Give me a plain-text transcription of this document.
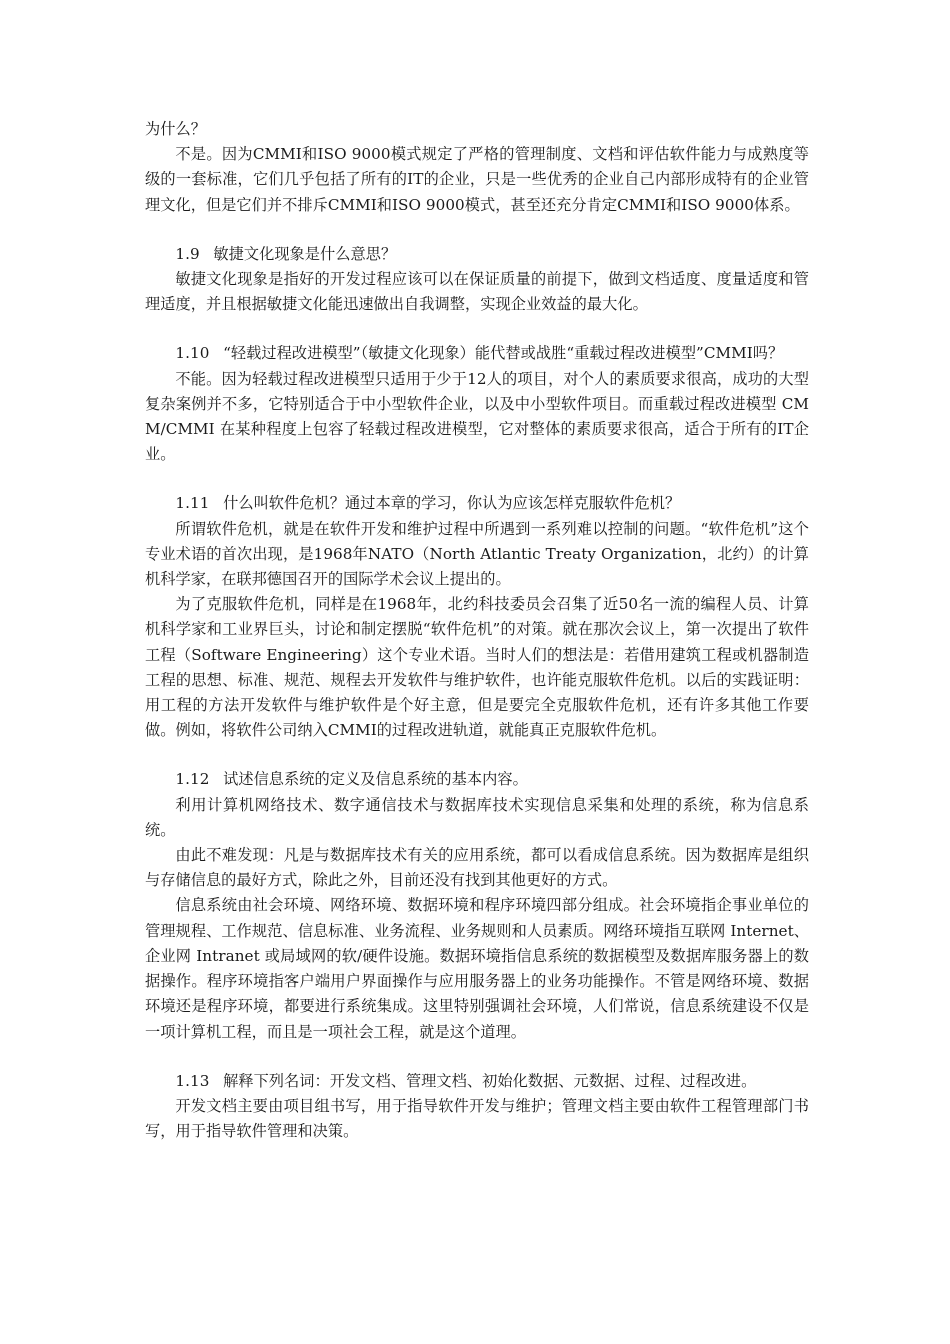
为什么？

不是。因为CMMI和ISO 9000模式规定了严格的管理制度、文档和评估软件能力与成熟度等级的一套标准，它们几乎包括了所有的IT的企业，只是一些优秀的企业自己内部形成特有的企业管理文化，但是它们并不排斥CMMI和ISO 9000模式，甚至还充分肯定CMMI和ISO 9000体系。

1.9 敏捷文化现象是什么意思？

敏捷文化现象是指好的开发过程应该可以在保证质量的前提下，做到文档适度、度量适度和管理适度，并且根据敏捷文化能迅速做出自我调整，实现企业效益的最大化。

1.10 “轻载过程改进模型”（敏捷文化现象）能代替或战胜“重载过程改进模型”CMMI吗？

不能。因为轻载过程改进模型只适用于少于12人的项目，对个人的素质要求很高，成功的大型复杂案例并不多，它特别适合于中小型软件企业，以及中小型软件项目。而重载过程改进模型 CMM/CMMI 在某种程度上包容了轻载过程改进模型，它对整体的素质要求很高，适合于所有的IT企业。

1.11 什么叫软件危机？通过本章的学习，你认为应该怎样克服软件危机？

所谓软件危机，就是在软件开发和维护过程中所遇到一系列难以控制的问题。“软件危机”这个专业术语的首次出现，是1968年NATO（North Atlantic Treaty Organization，北约）的计算机科学家，在联邦德国召开的国际学术会议上提出的。

为了克服软件危机，同样是在1968年，北约科技委员会召集了近50名一流的编程人员、计算机科学家和工业界巨头，讨论和制定摆脱“软件危机”的对策。就在那次会议上，第一次提出了软件工程（Software Engineering）这个专业术语。当时人们的想法是：若借用建筑工程或机器制造工程的思想、标准、规范、规程去开发软件与维护软件，也许能克服软件危机。以后的实践证明：用工程的方法开发软件与维护软件是个好主意，但是要完全克服软件危机，还有许多其他工作要做。例如，将软件公司纳入CMMI的过程改进轨道，就能真正克服软件危机。

1.12 试述信息系统的定义及信息系统的基本内容。

利用计算机网络技术、数字通信技术与数据库技术实现信息采集和处理的系统，称为信息系统。

由此不难发现：凡是与数据库技术有关的应用系统，都可以看成信息系统。因为数据库是组织与存储信息的最好方式，除此之外，目前还没有找到其他更好的方式。

信息系统由社会环境、网络环境、数据环境和程序环境四部分组成。社会环境指企事业单位的管理规程、工作规范、信息标准、业务流程、业务规则和人员素质。网络环境指互联网 Internet、企业网 Intranet 或局域网的软/硬件设施。数据环境指信息系统的数据模型及数据库服务器上的数据操作。程序环境指客户端用户界面操作与应用服务器上的业务功能操作。不管是网络环境、数据环境还是程序环境，都要进行系统集成。这里特别强调社会环境，人们常说，信息系统建设不仅是一项计算机工程，而且是一项社会工程，就是这个道理。

1.13 解释下列名词：开发文档、管理文档、初始化数据、元数据、过程、过程改进。

开发文档主要由项目组书写，用于指导软件开发与维护；管理文档主要由软件工程管理部门书写，用于指导软件管理和决策。
